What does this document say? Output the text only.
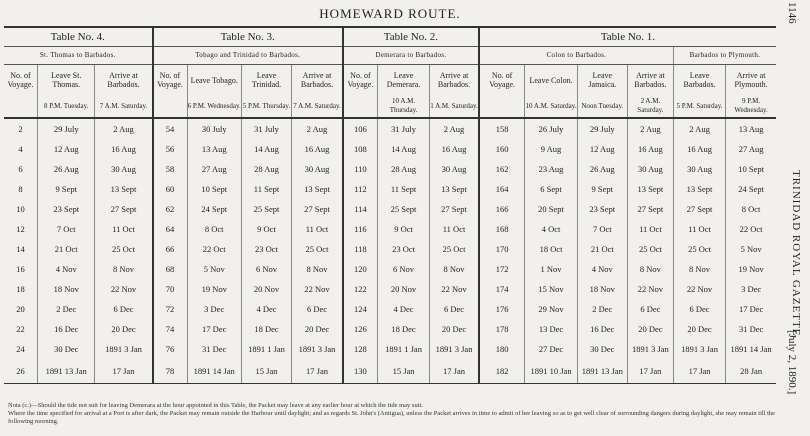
HOMEWARD ROUTE.	1146
TRINIDAD ROYAL GAZETTE.
[July 2, 1890.]
Table No. 4.			Table No. 3.				Table No. 2.			Table No. 1.					
St. Thomas to Barbados.			Tobago and Trinidad to Barbados.				Demerara to Barbados.			Colon to Barbados.				Barbados to Plymouth.	
No. of Voyage.	Leave St. Thomas.	Arrive at Barbados.	No. of Voyage.	Leave Tobago.	Leave Trinidad.	Arrive at Barbados.	No. of Voyage.	Leave Demerara.	Arrive at Barbados.	No. of Voyage.	Leave Colon.	Leave Jamaica.	Arrive at Barbados.	Leave Barbados.	Arrive at Plymouth.
	8 P.M. Tuesday.	7 A.M. Saturday.		6 P.M. Wednesday.	5 P.M. Thursday.	7 A.M. Saturday.		10 A.M. Thursday.	1 A.M. Saturday.		10 A.M. Saturday.	Noon Tuesday.	2 A.M. Saturday.	5 P.M. Saturday.	9 P.M. Wednesday.
2	29 July	2 Aug	54	30 July	31 July	2 Aug	106	31 July	2 Aug	158	26 July	29 July	2 Aug	2 Aug	13 Aug
4	12 Aug	16 Aug	56	13 Aug	14 Aug	16 Aug	108	14 Aug	16 Aug	160	9 Aug	12 Aug	16 Aug	16 Aug	27 Aug
6	26 Aug	30 Aug	58	27 Aug	28 Aug	30 Aug	110	28 Aug	30 Aug	162	23 Aug	26 Aug	30 Aug	30 Aug	10 Sept
8	9 Sept	13 Sept	60	10 Sept	11 Sept	13 Sept	112	11 Sept	13 Sept	164	6 Sept	9 Sept	13 Sept	13 Sept	24 Sept
10	23 Sept	27 Sept	62	24 Sept	25 Sept	27 Sept	114	25 Sept	27 Sept	166	20 Sept	23 Sept	27 Sept	27 Sept	8 Oct
12	7 Oct	11 Oct	64	8 Oct	9 Oct	11 Oct	116	9 Oct	11 Oct	168	4 Oct	7 Oct	11 Oct	11 Oct	22 Oct
14	21 Oct	25 Oct	66	22 Oct	23 Oct	25 Oct	118	23 Oct	25 Oct	170	18 Oct	21 Oct	25 Oct	25 Oct	5 Nov
16	4 Nov	8 Nov	68	5 Nov	6 Nov	8 Nov	120	6 Nov	8 Nov	172	1 Nov	4 Nov	8 Nov	8 Nov	19 Nov
18	18 Nov	22 Nov	70	19 Nov	20 Nov	22 Nov	122	20 Nov	22 Nov	174	15 Nov	18 Nov	22 Nov	22 Nov	3 Dec
20	2 Dec	6 Dec	72	3 Dec	4 Dec	6 Dec	124	4 Dec	6 Dec	176	29 Nov	2 Dec	6 Dec	6 Dec	17 Dec
22	16 Dec	20 Dec	74	17 Dec	18 Dec	20 Dec	126	18 Dec	20 Dec	178	13 Dec	16 Dec	20 Dec	20 Dec	31 Dec
24	30 Dec	1891 3 Jan	76	31 Dec	1891 1 Jan	1891 3 Jan	128	1891 1 Jan	1891 3 Jan	180	27 Dec	30 Dec	1891 3 Jan	1891 3 Jan	1891 14 Jan
26	1891 13 Jan	17 Jan	78	1891 14 Jan	15 Jan	17 Jan	130	15 Jan	17 Jan	182	1891 10 Jan	1891 13 Jan	17 Jan	17 Jan	28 Jan
Nota (c.)—Should the tide not suit for leaving Demerara at the hour appointed in this Table, the Packet may leave at any earlier hour at which the tide may suit.
Where the time specified for arrival at a Port is after dark, the Packet may remain outside the Harbour until daylight; and as regards St. John's (Antigua), unless the Packet arrives in time to admit of her leaving so as to get well clear of surrounding dangers during daylight, she may remain till the following morning.
